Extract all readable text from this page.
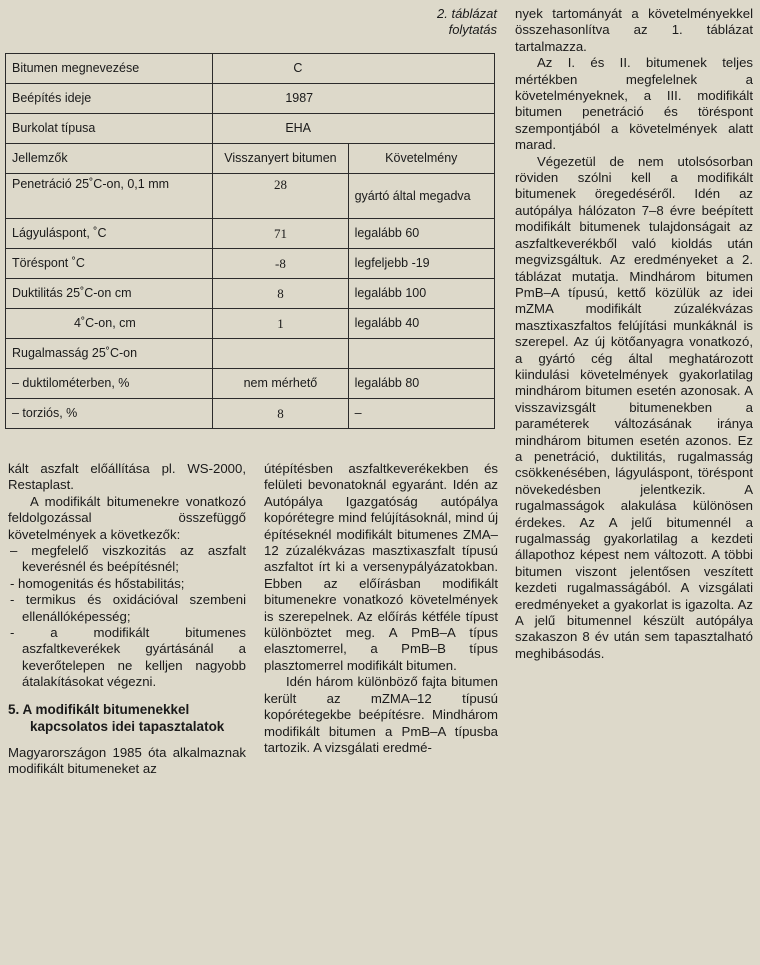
2. táblázat
folytatás
Bitumen megnevezése	C	
Beépítés ideje	1987	
Burkolat típusa	EHA	
Jellemzők	Visszanyert bitumen	Követelmény
Penetráció 25˚C-on, 0,1 mm	28	gyártó által megadva
Lágyuláspont, ˚C	71	legalább 60
Töréspont ˚C	-8	legfeljebb -19
Duktilitás 25˚C-on cm	8	legalább 100
4˚C-on, cm	1	legalább 40
Rugalmasság 25˚C-on		
– duktilométerben, %	nem mérhető	legalább 80
– torziós, %	8	–

kált aszfalt előállítása pl. WS-2000, Restaplast.

A modifikált bitumenekre vonatkozó feldolgozással összefüggő követelmények a következők:

– megfelelő viszkozitás az aszfalt keverésnél és beépítésnél;
- homogenitás és hőstabilitás;
- termikus és oxidációval szembeni ellenállóképesség;
- a modifikált bitumenes aszfaltkeverékek gyártásánál a keverőtelepen ne kelljen nagyobb átalakításokat végezni.
5. A modifikált bitumenekkel kapcsolatos idei tapasztalatok

Magyarországon 1985 óta alkalmaznak modifikált bitumeneket az

útépítésben aszfaltkeverékekben és felületi bevonatoknál egyaránt. Idén az Autópálya Igazgatóság autópálya kopórétegre mind felújításoknál, mind új építéseknél modifikált bitumenes ZMA–12 zúzalékvázas masztixaszfalt típusú aszfaltot írt ki a versenypályázatokban. Ebben az előírásban modifikált bitumenekre vonatkozó követelmények is szerepelnek. Az előírás kétféle típust különböztet meg. A PmB–A típus elasztomerrel, a PmB–B típus plasztomerrel modifikált bitumen.

Idén három különböző fajta bitumen került az mZMA–12 típusú kopórétegekbe beépítésre. Mindhárom modifikált bitumen a PmB–A típusba tartozik. A vizsgálati eredmé-

nyek tartományát a követelményekkel összehasonlítva az 1. táblázat tartalmazza.

Az I. és II. bitumenek teljes mértékben megfelelnek a követelményeknek, a III. modifikált bitumen penetráció és töréspont szempontjából a követelmények alatt marad.

Végezetül de nem utolsósorban röviden szólni kell a modifikált bitumenek öregedéséről. Idén az autópálya hálózaton 7–8 évre beépített modifikált bitumenek tulajdonságait az aszfaltkeverékből való kioldás után megvizsgáltuk. Az eredményeket a 2. táblázat mutatja. Mindhárom bitumen PmB–A típusú, kettő közülük az idei mZMA modifikált zúzalékvázas masztixaszfaltos felújítási munkáknál is szerepel. Az új kötőanyagra vonatkozó, a gyártó cég által meghatározott kiindulási követelmények gyakorlatilag mindhárom bitumen esetén azonosak. A visszavizsgált bitumenekben a paraméterek változásának iránya mindhárom bitumen esetén azonos. Ez a penetráció, duktilitás, rugalmasság csökkenésében, lágyuláspont, töréspont növekedésben jelentkezik. A rugalmasságok alakulása különösen érdekes. Az A jelű bitumennél a rugalmasság gyakorlatilag a kezdeti állapothoz képest nem változott. A többi bitumen viszont jelentősen veszített kezdeti rugalmasságából. A vizsgálati eredményeket a gyakorlat is igazolta. Az A jelű bitumennel készült autópálya szakaszon 8 év után sem tapasztalható meghibásodás.
